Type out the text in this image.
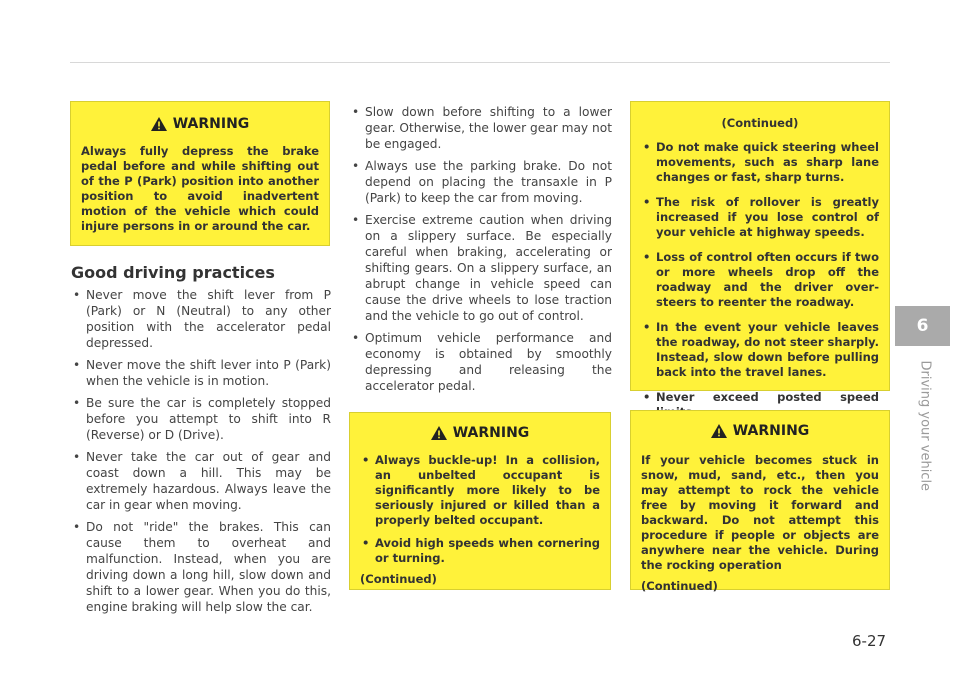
WARNING

Always fully depress the brake pedal before and while shifting out of the P (Park) position into another position to avoid inadvertent motion of the vehicle which could injure persons in or around the car.

Good driving practices
• Never move the shift lever from P (Park) or N (Neutral) to any other position with the accelerator pedal depressed.
• Never move the shift lever into P (Park) when the vehicle is in motion.
• Be sure the car is completely stopped before you attempt to shift into R (Reverse) or D (Drive).
• Never take the car out of gear and coast down a hill. This may be extremely hazardous. Always leave the car in gear when moving.
• Do not "ride" the brakes. This can cause them to overheat and malfunction. Instead, when you are driving down a long hill, slow down and shift to a lower gear. When you do this, engine braking will help slow the car.
• Slow down before shifting to a lower gear. Otherwise, the lower gear may not be engaged.
• Always use the parking brake. Do not depend on placing the transaxle in P (Park) to keep the car from moving.
• Exercise extreme caution when driving on a slippery surface. Be especially careful when braking, accelerating or shifting gears. On a slippery surface, an abrupt change in vehicle speed can cause the drive wheels to lose traction and the vehicle to go out of control.
• Optimum vehicle performance and economy is obtained by smoothly depressing and releasing the accelerator pedal.
WARNING
• Always buckle-up! In a collision, an unbelted occupant is significantly more likely to be seriously injured or killed than a properly belted occupant.
• Avoid high speeds when cornering or turning.

(Continued)

(Continued)

• Do not make quick steering wheel movements, such as sharp lane changes or fast, sharp turns.
• The risk of rollover is greatly increased if you lose control of your vehicle at highway speeds.
• Loss of control often occurs if two or more wheels drop off the roadway and the driver over-steers to reenter the roadway.
• In the event your vehicle leaves the roadway, do not steer sharply. Instead, slow down before pulling back into the travel lanes.
• Never exceed posted speed
WARNING

If your vehicle becomes stuck in snow, mud, sand, etc., then you may attempt to rock the vehicle free by moving it forward and backward. Do not attempt this procedure if people or objects are anywhere near the vehicle. During the rocking operation

(Continued)

6
Driving your vehicle
6-27
